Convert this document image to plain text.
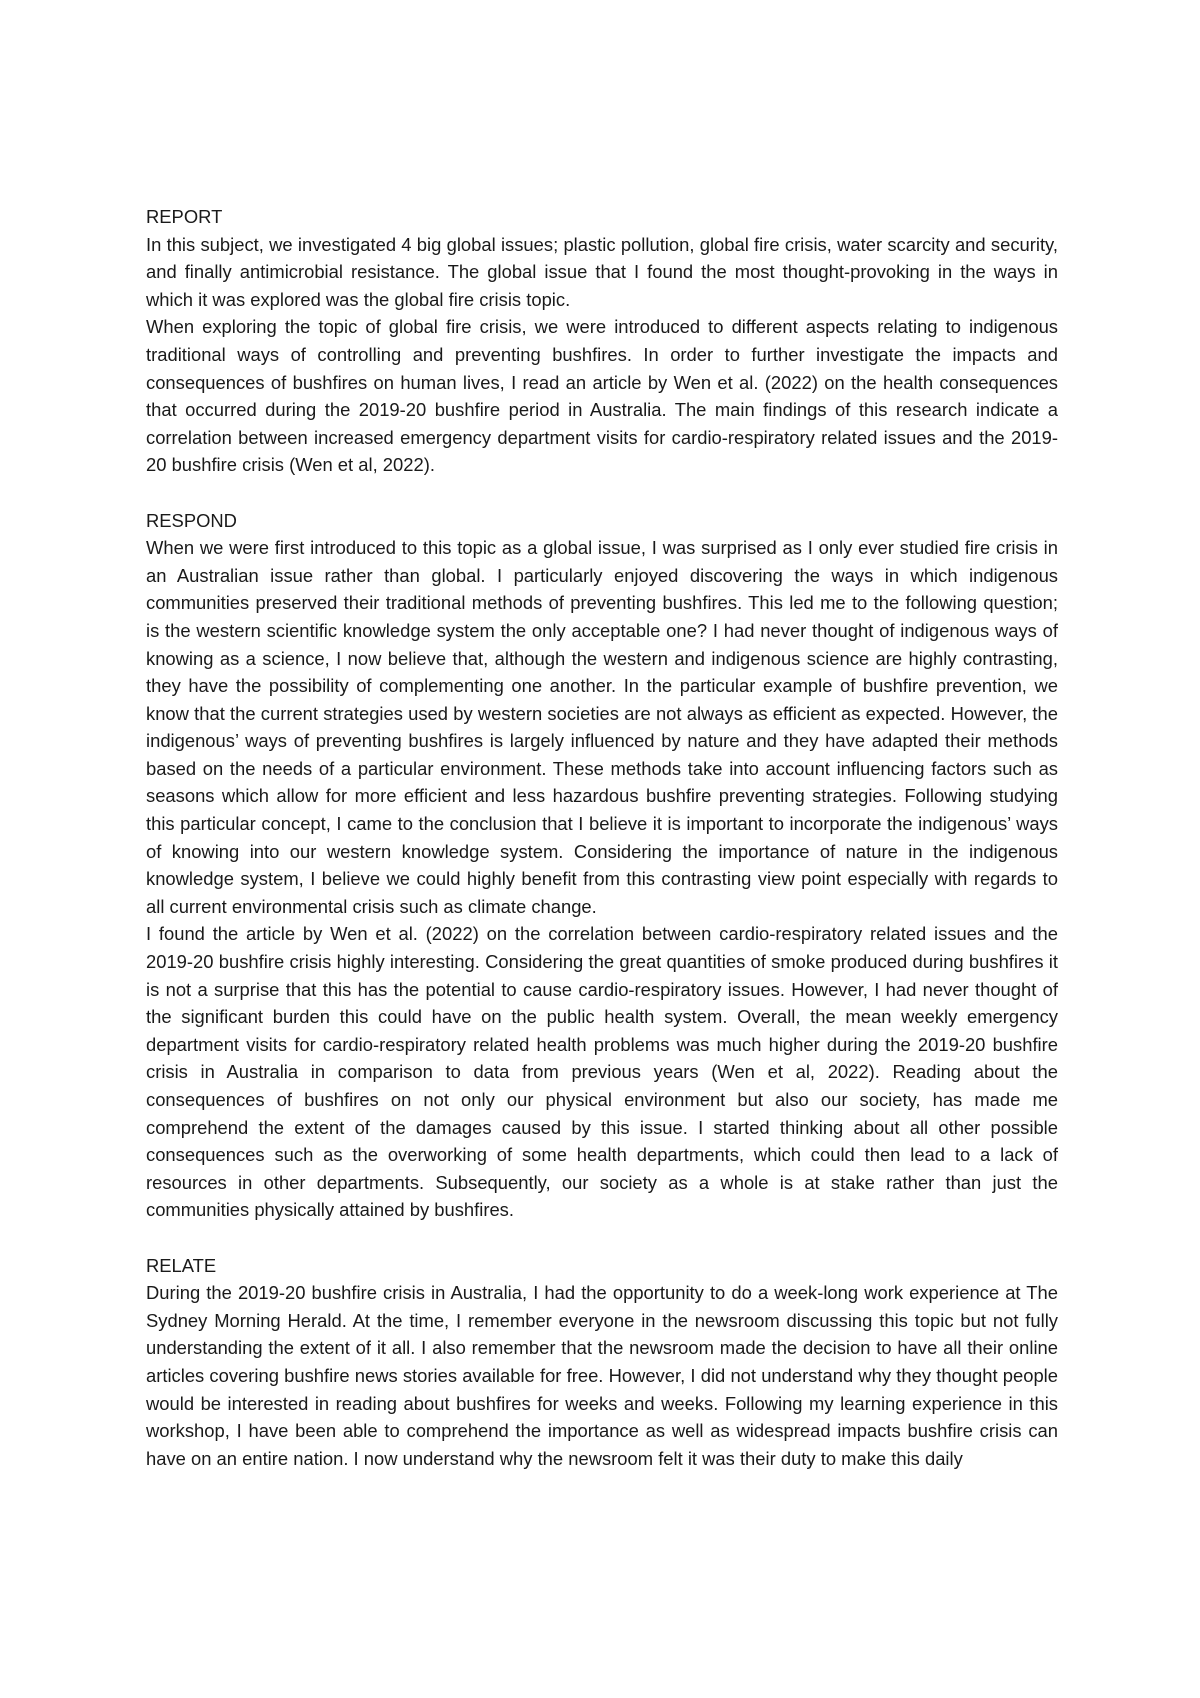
REPORT

In this subject, we investigated 4 big global issues; plastic pollution, global fire crisis, water scarcity and security, and finally antimicrobial resistance. The global issue that I found the most thought-provoking in the ways in which it was explored was the global fire crisis topic.

When exploring the topic of global fire crisis, we were introduced to different aspects relating to indigenous traditional ways of controlling and preventing bushfires. In order to further investigate the impacts and consequences of bushfires on human lives, I read an article by Wen et al. (2022) on the health consequences that occurred during the 2019-20 bushfire period in Australia. The main findings of this research indicate a correlation between increased emergency department visits for cardio-respiratory related issues and the 2019-20 bushfire crisis (Wen et al, 2022).

RESPOND

When we were first introduced to this topic as a global issue, I was surprised as I only ever studied fire crisis in an Australian issue rather than global. I particularly enjoyed discovering the ways in which indigenous communities preserved their traditional methods of preventing bushfires. This led me to the following question; is the western scientific knowledge system the only acceptable one? I had never thought of indigenous ways of knowing as a science, I now believe that, although the western and indigenous science are highly contrasting, they have the possibility of complementing one another. In the particular example of bushfire prevention, we know that the current strategies used by western societies are not always as efficient as expected. However, the indigenous’ ways of preventing bushfires is largely influenced by nature and they have adapted their methods based on the needs of a particular environment. These methods take into account influencing factors such as seasons which allow for more efficient and less hazardous bushfire preventing strategies. Following studying this particular concept, I came to the conclusion that I believe it is important to incorporate the indigenous’ ways of knowing into our western knowledge system. Considering the importance of nature in the indigenous knowledge system, I believe we could highly benefit from this contrasting view point especially with regards to all current environmental crisis such as climate change.

I found the article by Wen et al. (2022) on the correlation between cardio-respiratory related issues and the 2019-20 bushfire crisis highly interesting. Considering the great quantities of smoke produced during bushfires it is not a surprise that this has the potential to cause cardio-respiratory issues. However, I had never thought of the significant burden this could have on the public health system. Overall, the mean weekly emergency department visits for cardio-respiratory related health problems was much higher during the 2019-20 bushfire crisis in Australia in comparison to data from previous years (Wen et al, 2022). Reading about the consequences of bushfires on not only our physical environment but also our society, has made me comprehend the extent of the damages caused by this issue. I started thinking about all other possible consequences such as the overworking of some health departments, which could then lead to a lack of resources in other departments. Subsequently, our society as a whole is at stake rather than just the communities physically attained by bushfires.

RELATE

During the 2019-20 bushfire crisis in Australia, I had the opportunity to do a week-long work experience at The Sydney Morning Herald. At the time, I remember everyone in the newsroom discussing this topic but not fully understanding the extent of it all. I also remember that the newsroom made the decision to have all their online articles covering bushfire news stories available for free. However, I did not understand why they thought people would be interested in reading about bushfires for weeks and weeks. Following my learning experience in this workshop, I have been able to comprehend the importance as well as widespread impacts bushfire crisis can have on an entire nation. I now understand why the newsroom felt it was their duty to make this daily
